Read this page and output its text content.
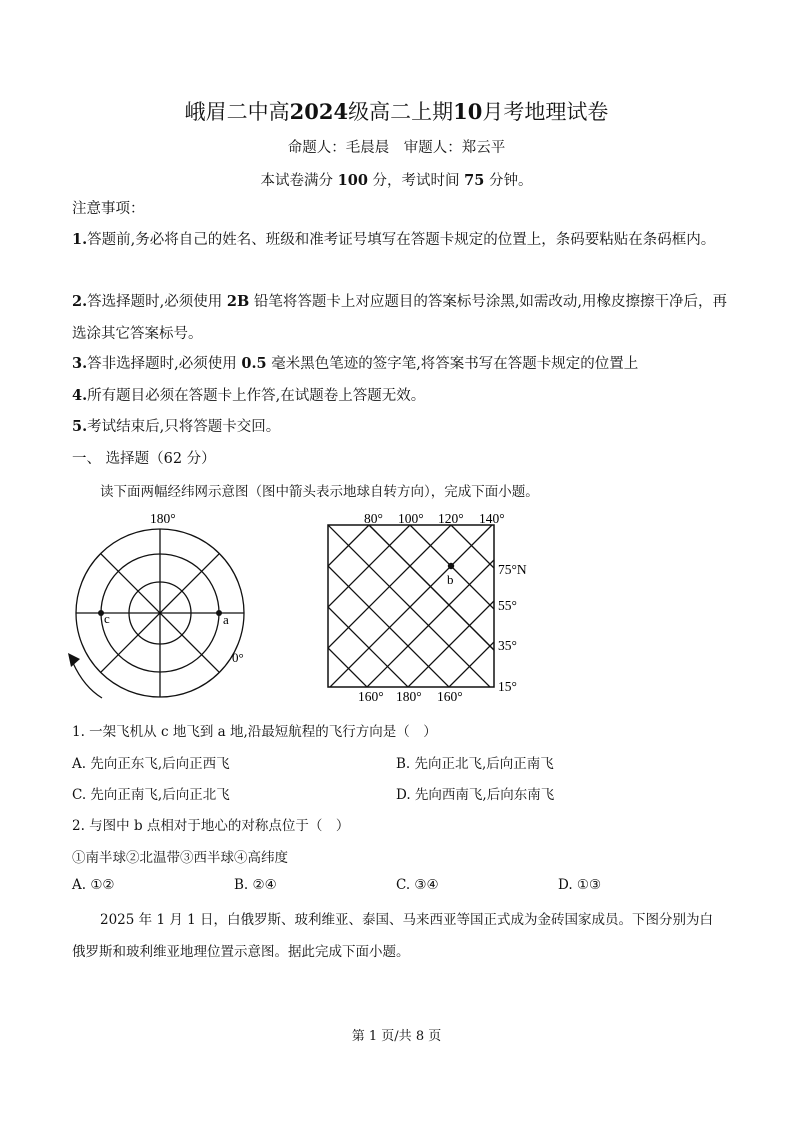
峨眉二中高2024级高二上期10月考地理试卷
命题人：毛晨晨　审题人：郑云平
本试卷满分 100 分，考试时间 75 分钟。
注意事项：
1.答题前,务必将自己的姓名、班级和准考证号填写在答题卡规定的位置上，条码要粘贴在条码框内。
2.答选择题时,必须使用 2B 铅笔将答题卡上对应题目的答案标号涂黑,如需改动,用橡皮擦擦干净后，再选涂其它答案标号。
3.答非选择题时,必须使用 0.5 毫米黑色笔迹的签字笔,将答案书写在答题卡规定的位置上
4.所有题目必须在答题卡上作答,在试题卷上答题无效。
5.考试结束后,只将答题卡交回。
一、 选择题（62 分）
读下面两幅经纬网示意图（图中箭头表示地球自转方向），完成下面小题。
180°
c	a
0°
b
80° 100° 120° 140°
75°N
55°
35°
15°
160° 180° 160°
1. 一架飞机从 c 地飞到 a 地,沿最短航程的飞行方向是（　）
A. 先向正东飞,后向正西飞	B. 先向正北飞,后向正南飞
C. 先向正南飞,后向正北飞	D. 先向西南飞,后向东南飞
2. 与图中 b 点相对于地心的对称点位于（　）
①南半球②北温带③西半球④高纬度
A. ①②	B. ②④	C. ③④	D. ①③
2025 年 1 月 1 日，白俄罗斯、玻利维亚、泰国、马来西亚等国正式成为金砖国家成员。下图分别为白
俄罗斯和玻利维亚地理位置示意图。据此完成下面小题。
第 1 页/共 8 页
